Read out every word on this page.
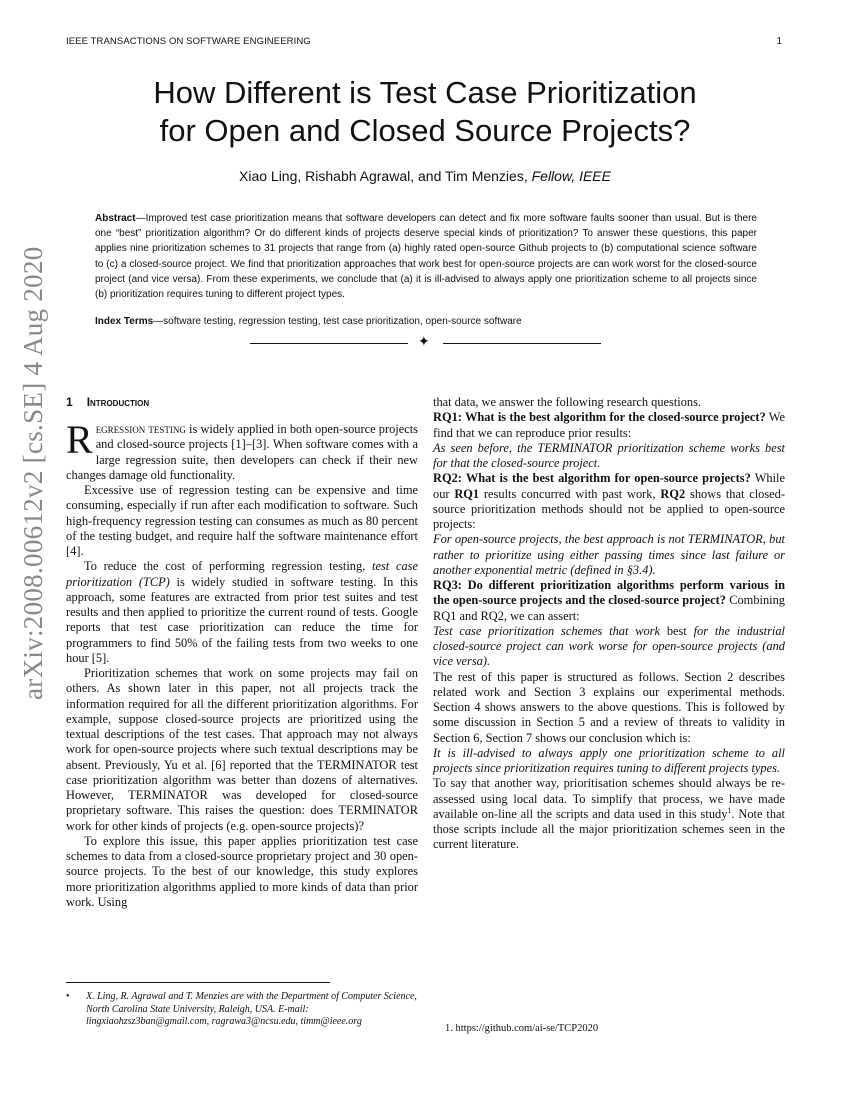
IEEE TRANSACTIONS ON SOFTWARE ENGINEERING	1
How Different is Test Case Prioritization
for Open and Closed Source Projects?
Xiao Ling, Rishabh Agrawal, and Tim Menzies, Fellow, IEEE
Abstract—Improved test case prioritization means that software developers can detect and fix more software faults sooner than usual. But is there one “best” prioritization algorithm? Or do different kinds of projects deserve special kinds of prioritization? To answer these questions, this paper applies nine prioritization schemes to 31 projects that range from (a) highly rated open-source Github projects to (b) computational science software to (c) a closed-source project. We find that prioritization approaches that work best for open-source projects are can work worst for the closed-source project (and vice versa). From these experiments, we conclude that (a) it is ill-advised to always apply one prioritization scheme to all projects since (b) prioritization requires tuning to different project types.
Index Terms—software testing, regression testing, test case prioritization, open-source software
✦
arXiv:2008.00612v2 [cs.SE] 4 Aug 2020 1 Introduction

Regression testing is widely applied in both open-source projects and closed-source projects [1]–[3]. When software comes with a large regression suite, then developers can check if their new changes damage old functionality.

Excessive use of regression testing can be expensive and time consuming, especially if run after each modification to software. Such high-frequency regression testing can consumes as much as 80 percent of the testing budget, and require half the software maintenance effort [4].

To reduce the cost of performing regression testing, test case prioritization (TCP) is widely studied in software testing. In this approach, some features are extracted from prior test suites and test results and then applied to prioritize the current round of tests. Google reports that test case prioritization can reduce the time for programmers to find 50% of the failing tests from two weeks to one hour [5].

Prioritization schemes that work on some projects may fail on others. As shown later in this paper, not all projects track the information required for all the different prioritization algorithms. For example, suppose closed-source projects are prioritized using the textual descriptions of the test cases. That approach may not always work for open-source projects where such textual descriptions may be absent. Previously, Yu et al. [6] reported that the TERMINATOR test case prioritization algorithm was better than dozens of alternatives. However, TERMINATOR was developed for closed-source proprietary software. This raises the question: does TERMINATOR work for other kinds of projects (e.g. open-source projects)?

To explore this issue, this paper applies prioritization test case schemes to data from a closed-source proprietary project and 30 open-source projects. To the best of our knowledge, this study explores more prioritization algorithms applied to more kinds of data than prior work. Using

that data, we answer the following research questions.

RQ1: What is the best algorithm for the closed-source project? We find that we can reproduce prior results:

As seen before, the TERMINATOR prioritization scheme works best for that the closed-source project.

RQ2: What is the best algorithm for open-source projects? While our RQ1 results concurred with past work, RQ2 shows that closed-source prioritization methods should not be applied to open-source projects:

For open-source projects, the best approach is not TERMINATOR, but rather to prioritize using either passing times since last failure or another exponential metric (defined in §3.4).

RQ3: Do different prioritization algorithms perform various in the open-source projects and the closed-source project? Combining RQ1 and RQ2, we can assert:

Test case prioritization schemes that work best for the industrial closed-source project can work worse for open-source projects (and vice versa).

The rest of this paper is structured as follows. Section 2 describes related work and Section 3 explains our experimental methods. Section 4 shows answers to the above questions. This is followed by some discussion in Section 5 and a review of threats to validity in Section 6, Section 7 shows our conclusion which is:

It is ill-advised to always apply one prioritization scheme to all projects since prioritization requires tuning to different projects types.

To say that another way, prioritisation schemes should always be re-assessed using local data. To simplify that process, we have made available on-line all the scripts and data used in this study$^1$. Note that those scripts include all the major prioritization schemes seen in the current literature.

• X. Ling, R. Agrawal and T. Menzies are with the Department of Computer Science, North Carolina State University, Raleigh, USA. E-mail: lingxiaohzsz3ban@gmail.com, ragrawa3@ncsu.edu, timm@ieee.org
1. https://github.com/ai-se/TCP2020
